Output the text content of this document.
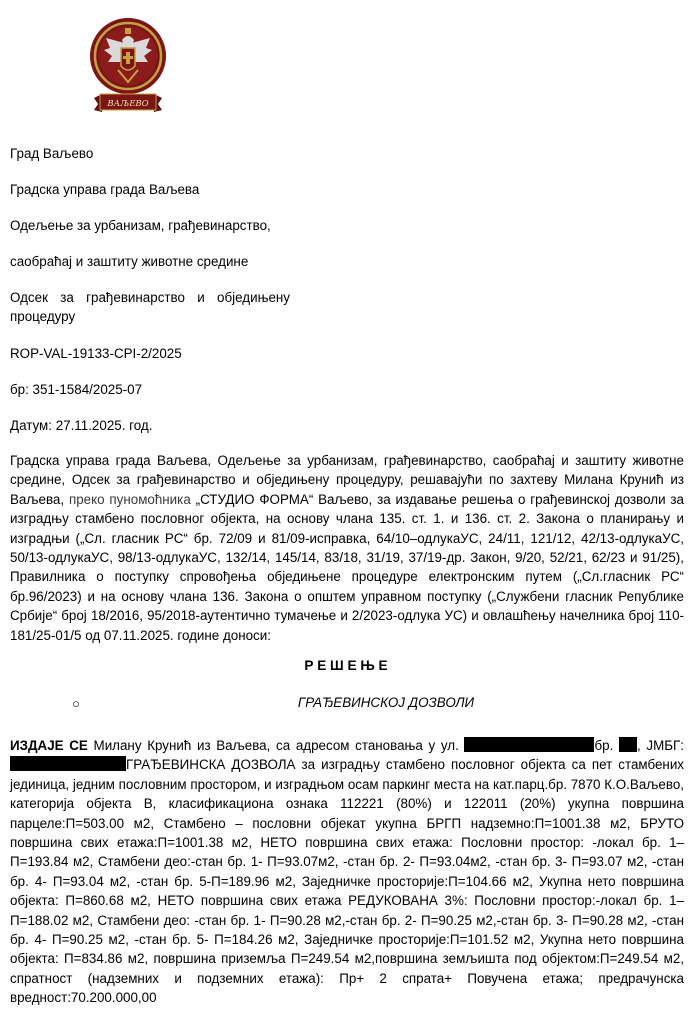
ВАЉЕВО

Град Ваљево

Градска управа града Ваљева

Одељење за урбанизам, грађевинарство,

саобраћај и заштиту животне средине

Одсек за грађевинарство и обједињену процедуру

ROP-VAL-19133-CPI-2/2025

бр: 351-1584/2025-07

Датум: 27.11.2025. год.

Градска управа града Ваљева, Одељење за урбанизам, грађевинарство, саобраћај и заштиту животне средине, Одсек за грађевинарство и обједињену процедуру, решавајући по захтеву Милана Крунић из Ваљева, преко пуномоћника „СТУДИО ФОРМА“ Ваљево, за издавање решења о грађевинској дозволи за изградњу стамбено пословног објекта, на основу члана 135. ст. 1. и 136. ст. 2. Закона о планирању и изградњи („Сл. гласник РС“ бр. 72/09 и 81/09-исправка, 64/10–одлукаУС, 24/11, 121/12, 42/13-одлукаУС, 50/13-одлукаУС, 98/13-одлукаУС, 132/14, 145/14, 83/18, 31/19, 37/19-др. Закон, 9/20, 52/21, 62/23 и 91/25), Правилника о поступку спровођења обједињене процедуре електронским путем („Сл.гласник РС“ бр.96/2023) и на основу члана 136. Закона о општем управном поступку („Службени гласник Републике Србије“ број 18/2016, 95/2018-аутентично тумачење и 2/2023-одлука УС) и овлашћењу начелника број 110-181/25-01/5 од 07.11.2025. године доноси:

Р Е Ш Е Њ Е

○	ГРАЂЕВИНСКОЈ ДОЗВОЛИ

ИЗДАЈЕ СЕ Милану Крунић из Ваљева, са адресом становања у ул.	бр. , ЈМБГ: ГРАЂЕВИНСКА ДОЗВОЛА за изградњу стамбено пословног објекта са пет стамбених јединица, једним пословним простором, и изградњом осам паркинг места на кат.парц.бр. 7870 К.О.Ваљево, категорија објекта В, класификациона ознака 112221 (80%) и 122011 (20%) укупна површина парцеле:П=503.00 м2, Стамбено – пословни објекат укупна БРГП надземно:П=1001.38 м2, БРУТО површина свих етажа:П=1001.38 м2, НЕТО површина свих етажа: Пословни простор: -локал бр. 1– П=193.84 м2, Стамбени део:-стан бр. 1- П=93.07м2, -стан бр. 2- П=93.04м2, -стан бр. 3- П=93.07 м2, -стан бр. 4- П=93.04 м2, -стан бр. 5-П=189.96 м2, Заједничке просторије:П=104.66 м2, Укупна нето површина објекта: П=860.68 м2, НЕТО површина свих етажа РЕДУКОВАНА 3%: Пословни простор:-локал бр. 1– П=188.02 м2, Стамбени део: -стан бр. 1- П=90.28 м2,-стан бр. 2- П=90.25 м2,-стан бр. 3- П=90.28 м2, -стан бр. 4- П=90.25 м2, -стан бр. 5- П=184.26 м2, Заједничке просторије:П=101.52 м2, Укупна нето површина објекта: П=834.86 м2, површина приземља П=249.54 м2,површина земљишта под објектом:П=249.54 м2, спратност (надземних и подземних етажа): Пр+ 2 спрата+ Повучена етажа; предрачунска вредност:70.200.000,00
